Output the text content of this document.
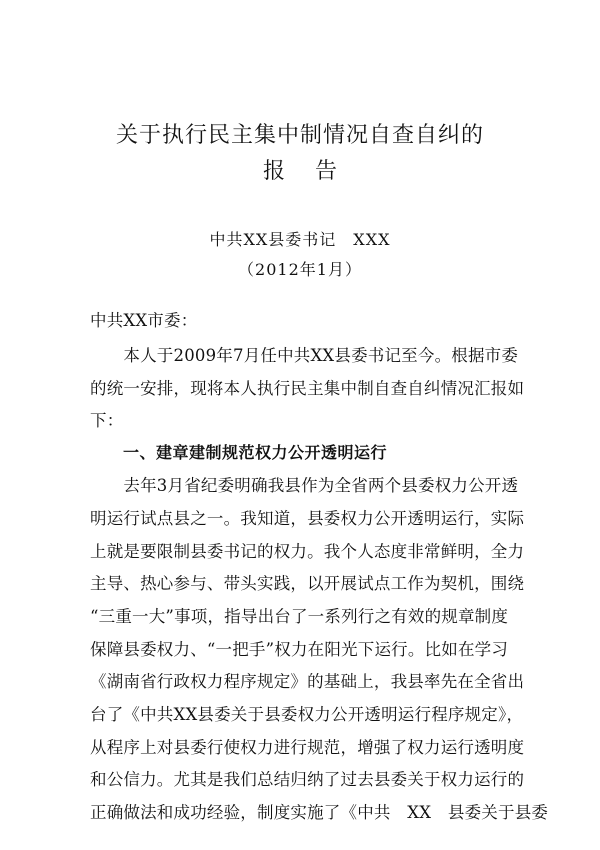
关于执行民主集中制情况自查自纠的
报告
中共XX县委书记　XXX
（2012年1月）
中共XX市委：
　　本人于2009年7月任中共XX县委书记至今。根据市委
的统一安排，现将本人执行民主集中制自查自纠情况汇报如
下：
　　一、建章建制规范权力公开透明运行
　　去年3月省纪委明确我县作为全省两个县委权力公开透
明运行试点县之一。我知道，县委权力公开透明运行，实际
上就是要限制县委书记的权力。我个人态度非常鲜明，全力
主导、热心参与、带头实践，以开展试点工作为契机，围绕
“三重一大”事项，指导出台了一系列行之有效的规章制度
保障县委权力、“一把手”权力在阳光下运行。比如在学习
《湖南省行政权力程序规定》的基础上，我县率先在全省出
台了《中共XX县委关于县委权力公开透明运行程序规定》，
从程序上对县委行使权力进行规范，增强了权力运行透明度
和公信力。尤其是我们总结归纳了过去县委关于权力运行的
正确做法和成功经验，制度实施了《中共　XX　县委关于县委
